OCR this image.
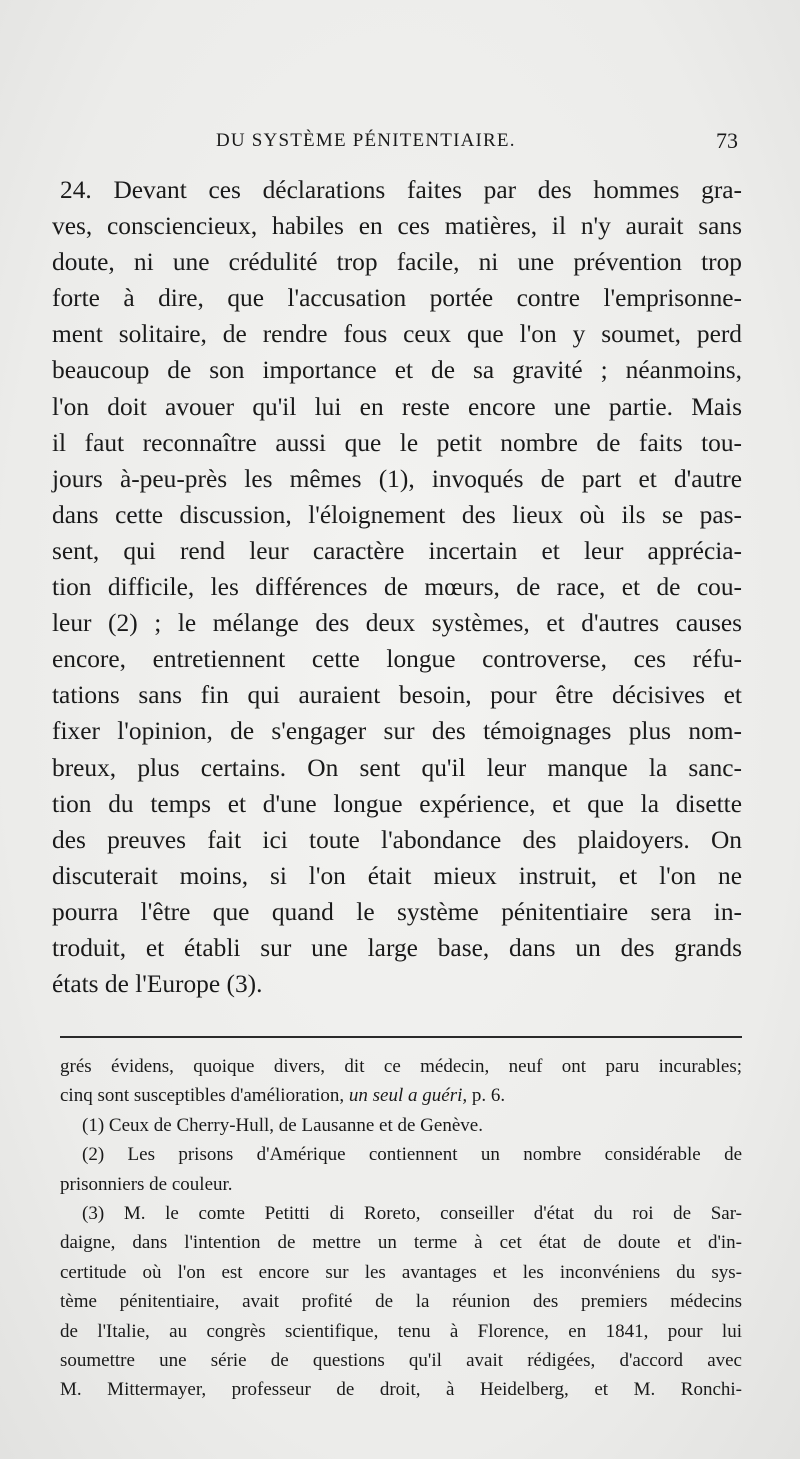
DU SYSTÈME PÉNITENTIAIRE.	73
24. Devant ces déclarations faites par des hommes gra-
ves, consciencieux, habiles en ces matières, il n'y aurait sans
doute, ni une crédulité trop facile, ni une prévention trop
forte à dire, que l'accusation portée contre l'emprisonne-
ment solitaire, de rendre fous ceux que l'on y soumet, perd
beaucoup de son importance et de sa gravité ; néanmoins,
l'on doit avouer qu'il lui en reste encore une partie. Mais
il faut reconnaître aussi que le petit nombre de faits tou-
jours à-peu-près les mêmes (1), invoqués de part et d'autre
dans cette discussion, l'éloignement des lieux où ils se pas-
sent, qui rend leur caractère incertain et leur apprécia-
tion difficile, les différences de mœurs, de race, et de cou-
leur (2) ; le mélange des deux systèmes, et d'autres causes
encore, entretiennent cette longue controverse, ces réfu-
tations sans fin qui auraient besoin, pour être décisives et
fixer l'opinion, de s'engager sur des témoignages plus nom-
breux, plus certains. On sent qu'il leur manque la sanc-
tion du temps et d'une longue expérience, et que la disette
des preuves fait ici toute l'abondance des plaidoyers. On
discuterait moins, si l'on était mieux instruit, et l'on ne
pourra l'être que quand le système pénitentiaire sera in-
troduit, et établi sur une large base, dans un des grands
états de l'Europe (3).
grés évidens, quoique divers, dit ce médecin, neuf ont paru incurables;
cinq sont susceptibles d'amélioration, un seul a guéri, p. 6.
(1) Ceux de Cherry-Hull, de Lausanne et de Genève.
(2) Les prisons d'Amérique contiennent un nombre considérable de
prisonniers de couleur.
(3) M. le comte Petitti di Roreto, conseiller d'état du roi de Sar-
daigne, dans l'intention de mettre un terme à cet état de doute et d'in-
certitude où l'on est encore sur les avantages et les inconvéniens du sys-
tème pénitentiaire, avait profité de la réunion des premiers médecins
de l'Italie, au congrès scientifique, tenu à Florence, en 1841, pour lui
soumettre une série de questions qu'il avait rédigées, d'accord avec
M. Mittermayer, professeur de droit, à Heidelberg, et M. Ronchi-
